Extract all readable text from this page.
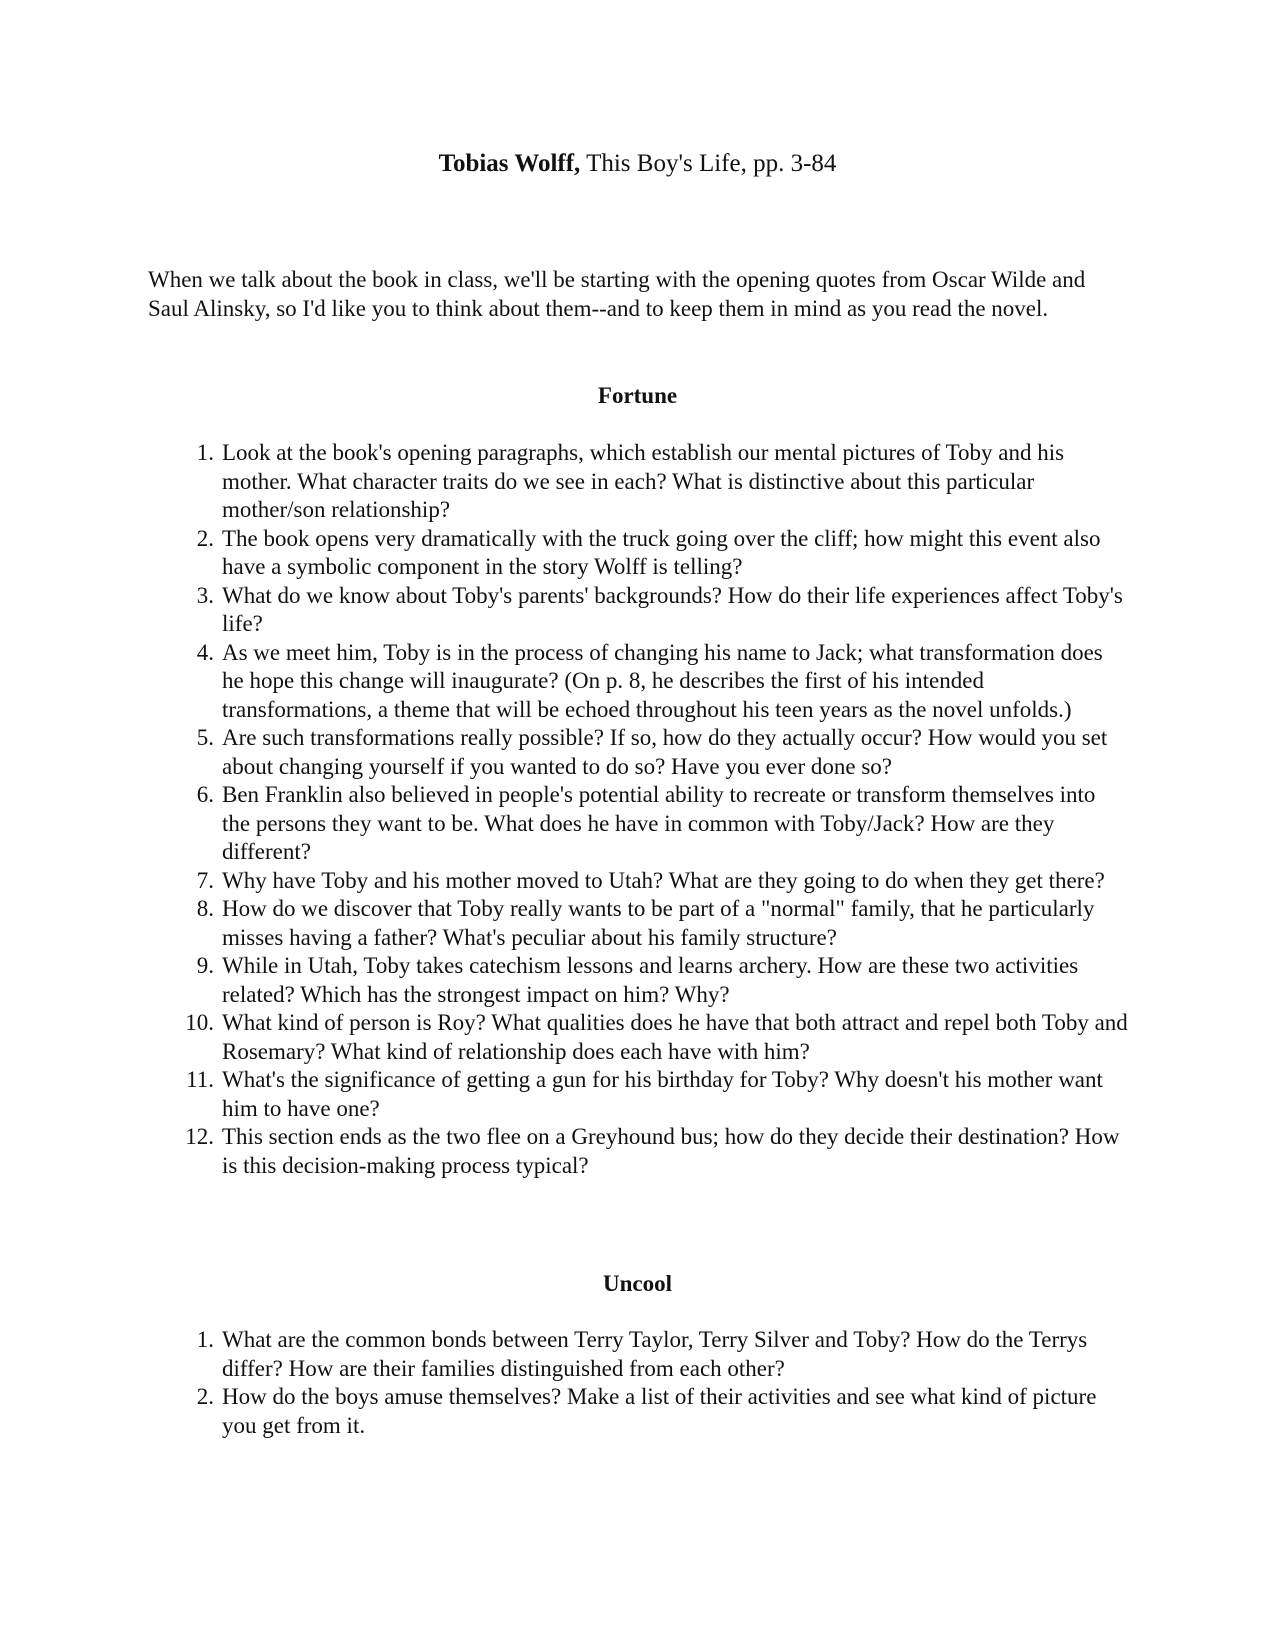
Tobias Wolff, This Boy's Life, pp. 3-84
When we talk about the book in class, we'll be starting with the opening quotes from Oscar Wilde and Saul Alinsky, so I'd like you to think about them--and to keep them in mind as you read the novel.
Fortune
1. Look at the book's opening paragraphs, which establish our mental pictures of Toby and his mother. What character traits do we see in each? What is distinctive about this particular mother/son relationship?
2. The book opens very dramatically with the truck going over the cliff; how might this event also have a symbolic component in the story Wolff is telling?
3. What do we know about Toby's parents' backgrounds? How do their life experiences affect Toby's life?
4. As we meet him, Toby is in the process of changing his name to Jack; what transformation does he hope this change will inaugurate? (On p. 8, he describes the first of his intended transformations, a theme that will be echoed throughout his teen years as the novel unfolds.)
5. Are such transformations really possible? If so, how do they actually occur? How would you set about changing yourself if you wanted to do so? Have you ever done so?
6. Ben Franklin also believed in people's potential ability to recreate or transform themselves into the persons they want to be. What does he have in common with Toby/Jack? How are they different?
7. Why have Toby and his mother moved to Utah? What are they going to do when they get there?
8. How do we discover that Toby really wants to be part of a "normal" family, that he particularly misses having a father? What's peculiar about his family structure?
9. While in Utah, Toby takes catechism lessons and learns archery. How are these two activities related? Which has the strongest impact on him? Why?
10. What kind of person is Roy? What qualities does he have that both attract and repel both Toby and Rosemary? What kind of relationship does each have with him?
11. What's the significance of getting a gun for his birthday for Toby? Why doesn't his mother want him to have one?
12. This section ends as the two flee on a Greyhound bus; how do they decide their destination? How is this decision-making process typical?
Uncool
1. What are the common bonds between Terry Taylor, Terry Silver and Toby? How do the Terrys differ? How are their families distinguished from each other?
2. How do the boys amuse themselves? Make a list of their activities and see what kind of picture you get from it.
